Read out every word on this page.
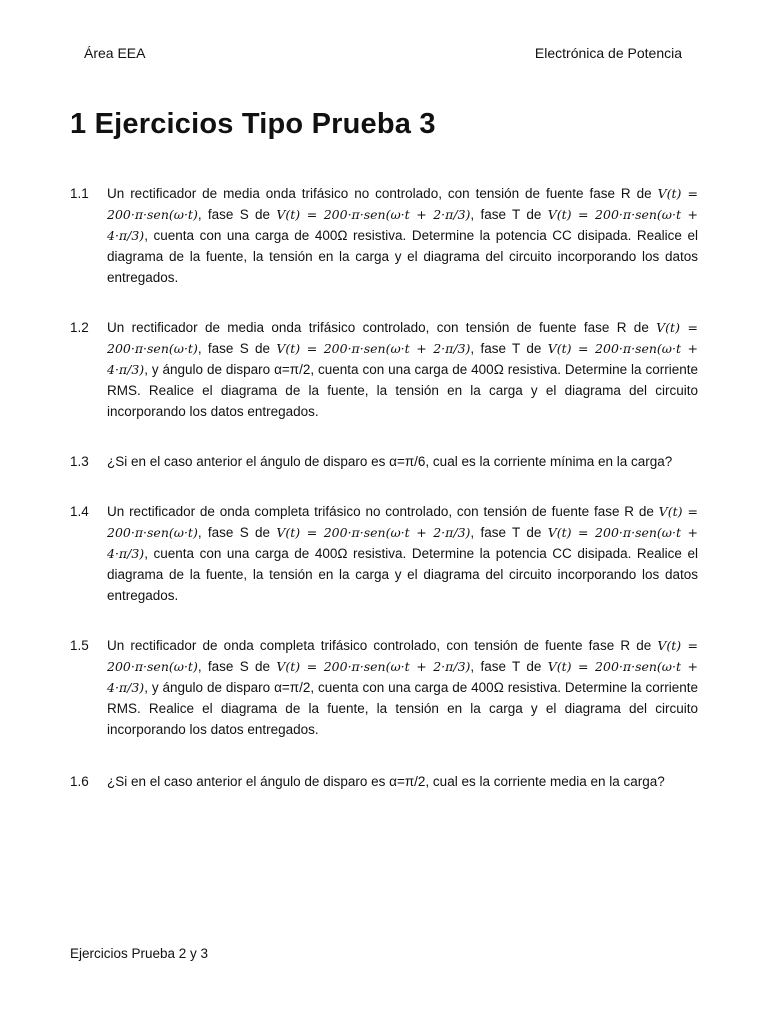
Área EEA	Electrónica de Potencia
1 Ejercicios Tipo Prueba 3
1.1 Un rectificador de media onda trifásico no controlado, con tensión de fuente fase R de V(t) = 200·π·sen(ω·t), fase S de V(t) = 200·π·sen(ω·t + 2·π/3), fase T de V(t) = 200·π·sen(ω·t + 4·π/3), cuenta con una carga de 400Ω resistiva. Determine la potencia CC disipada. Realice el diagrama de la fuente, la tensión en la carga y el diagrama del circuito incorporando los datos entregados.
1.2 Un rectificador de media onda trifásico controlado, con tensión de fuente fase R de V(t) = 200·π·sen(ω·t), fase S de V(t) = 200·π·sen(ω·t + 2·π/3), fase T de V(t) = 200·π·sen(ω·t + 4·π/3), y ángulo de disparo α=π/2, cuenta con una carga de 400Ω resistiva. Determine la corriente RMS. Realice el diagrama de la fuente, la tensión en la carga y el diagrama del circuito incorporando los datos entregados.
1.3 ¿Si en el caso anterior el ángulo de disparo es α=π/6, cual es la corriente mínima en la carga?
1.4 Un rectificador de onda completa trifásico no controlado, con tensión de fuente fase R de V(t) = 200·π·sen(ω·t), fase S de V(t) = 200·π·sen(ω·t + 2·π/3), fase T de V(t) = 200·π·sen(ω·t + 4·π/3), cuenta con una carga de 400Ω resistiva. Determine la potencia CC disipada. Realice el diagrama de la fuente, la tensión en la carga y el diagrama del circuito incorporando los datos entregados.
1.5 Un rectificador de onda completa trifásico controlado, con tensión de fuente fase R de V(t) = 200·π·sen(ω·t), fase S de V(t) = 200·π·sen(ω·t + 2·π/3), fase T de V(t) = 200·π·sen(ω·t + 4·π/3), y ángulo de disparo α=π/2, cuenta con una carga de 400Ω resistiva. Determine la corriente RMS. Realice el diagrama de la fuente, la tensión en la carga y el diagrama del circuito incorporando los datos entregados.
1.6 ¿Si en el caso anterior el ángulo de disparo es α=π/2, cual es la corriente media en la carga?
Ejercicios Prueba 2 y 3
